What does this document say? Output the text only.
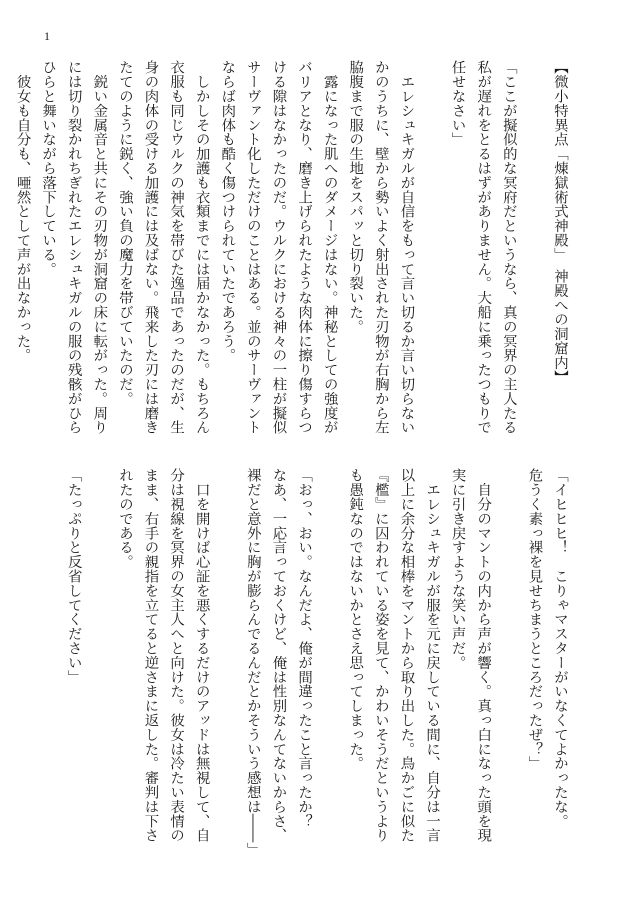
1
【微小特異点「煉獄術式神殿」　神殿への洞窟内】

「ここが擬似的な冥府だというなら、真の冥界の主人たる
私が遅れをとるはずがありません。大船に乗ったつもりで
任せなさい」

　エレシュキガルが自信をもって言い切るか言い切らない
かのうちに、壁から勢いよく射出された刃物が右胸から左
脇腹まで服の生地をスパッと切り裂いた。
　露になった肌へのダメージはない。神秘としての強度が
バリアとなり、磨き上げられたような肉体に擦り傷すらつ
ける隙はなかったのだ。ウルクにおける神々の一柱が擬似
サーヴァント化しただけのことはある。並のサーヴァント
ならば肉体も酷く傷つけられていたであろう。
　しかしその加護も衣類までには届かなかった。もちろん
衣服も同じウルクの神気を帯びた逸品であったのだが、生
身の肉体の受ける加護には及ばない。飛来した刃には磨き
たてのように鋭く、強い負の魔力を帯びていたのだ。
　鋭い金属音と共にその刃物が洞窟の床に転がった。周り
には切り裂かれちぎれたエレシュキガルの服の残骸がひら
ひらと舞いながら落下している。
　彼女も自分も、唖然として声が出なかった。
「イヒヒヒ！　こりゃマスターがいなくてよかったな。
危うく素っ裸を見せちまうところだったぜ？」

　自分のマントの内から声が響く。真っ白になった頭を現
実に引き戻すような笑い声だ。
　エレシュキガルが服を元に戻している間に、自分は一言
以上に余分な相棒をマントから取り出した。鳥かごに似た
『檻』に囚われている姿を見て、かわいそうだというより
も愚鈍なのではないかとさえ思ってしまった。

「おっ、おい。なんだよ、俺が間違ったこと言ったか？
なあ、一応言っておくけど、俺は性別なんてないからさ、
裸だと意外に胸が膨らんでるんだとかそういう感想は――」

　口を開けば心証を悪くするだけのアッドは無視して、自
分は視線を冥界の女主人へと向けた。彼女は冷たい表情の
まま、右手の親指を立てると逆さまに返した。審判は下さ
れたのである。

「たっぷりと反省してください」
